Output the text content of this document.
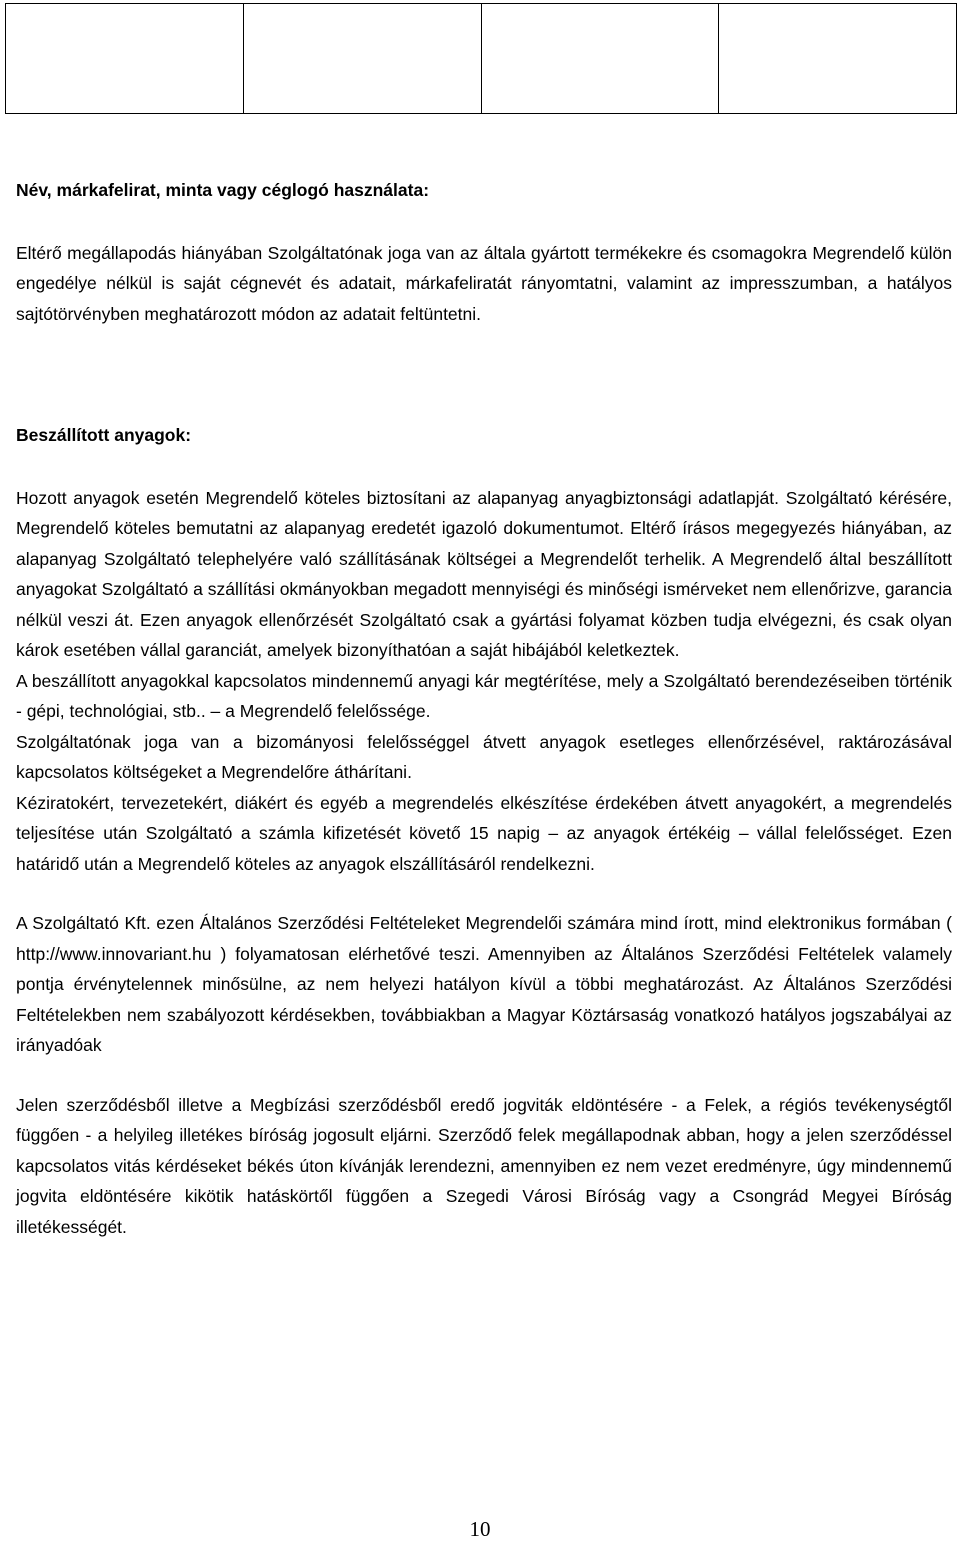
Név, márkafelirat, minta vagy céglogó használata:

Eltérő megállapodás hiányában Szolgáltatónak joga van az általa gyártott termékekre és csomagokra Megrendelő külön engedélye nélkül is saját cégnevét és adatait, márkafeliratát rányomtatni, valamint az impresszumban, a hatályos sajtótörvényben meghatározott módon az adatait feltüntetni.

Beszállított anyagok:

Hozott anyagok esetén Megrendelő köteles biztosítani az alapanyag anyagbiztonsági adatlapját. Szolgáltató kérésére, Megrendelő köteles bemutatni az alapanyag eredetét igazoló dokumentumot. Eltérő írásos megegyezés hiányában, az alapanyag Szolgáltató telephelyére való szállításának költségei a Megrendelőt terhelik. A Megrendelő által beszállított anyagokat Szolgáltató a szállítási okmányokban megadott mennyiségi és minőségi ismérveket nem ellenőrizve, garancia nélkül veszi át. Ezen anyagok ellenőrzését Szolgáltató csak a gyártási folyamat közben tudja elvégezni, és csak olyan károk esetében vállal garanciát, amelyek bizonyíthatóan a saját hibájából keletkeztek.

A beszállított anyagokkal kapcsolatos mindennemű anyagi kár megtérítése, mely a Szolgáltató berendezéseiben történik - gépi, technológiai, stb.. – a Megrendelő felelőssége.

Szolgáltatónak joga van a bizományosi felelősséggel átvett anyagok esetleges ellenőrzésével, raktározásával kapcsolatos költségeket a Megrendelőre áthárítani.

Kéziratokért, tervezetekért, diákért és egyéb a megrendelés elkészítése érdekében átvett anyagokért, a megrendelés teljesítése után Szolgáltató a számla kifizetését követő 15 napig – az anyagok értékéig – vállal felelősséget. Ezen határidő után a Megrendelő köteles az anyagok elszállításáról rendelkezni.

A Szolgáltató Kft. ezen Általános Szerződési Feltételeket Megrendelői számára mind írott, mind elektronikus formában ( http://www.innovariant.hu ) folyamatosan elérhetővé teszi. Amennyiben az Általános Szerződési Feltételek valamely pontja érvénytelennek minősülne, az nem helyezi hatályon kívül a többi meghatározást. Az Általános Szerződési Feltételekben nem szabályozott kérdésekben, továbbiakban a Magyar Köztársaság vonatkozó hatályos jogszabályai az irányadóak

Jelen szerződésből illetve a Megbízási szerződésből eredő jogviták eldöntésére - a Felek, a régiós tevékenységtől függően - a helyileg illetékes bíróság jogosult eljárni. Szerződő felek megállapodnak abban, hogy a jelen szerződéssel kapcsolatos vitás kérdéseket békés úton kívánják lerendezni, amennyiben ez nem vezet eredményre, úgy mindennemű jogvita eldöntésére kikötik hatáskörtől függően a Szegedi Városi Bíróság vagy a Csongrád Megyei Bíróság illetékességét.

10
